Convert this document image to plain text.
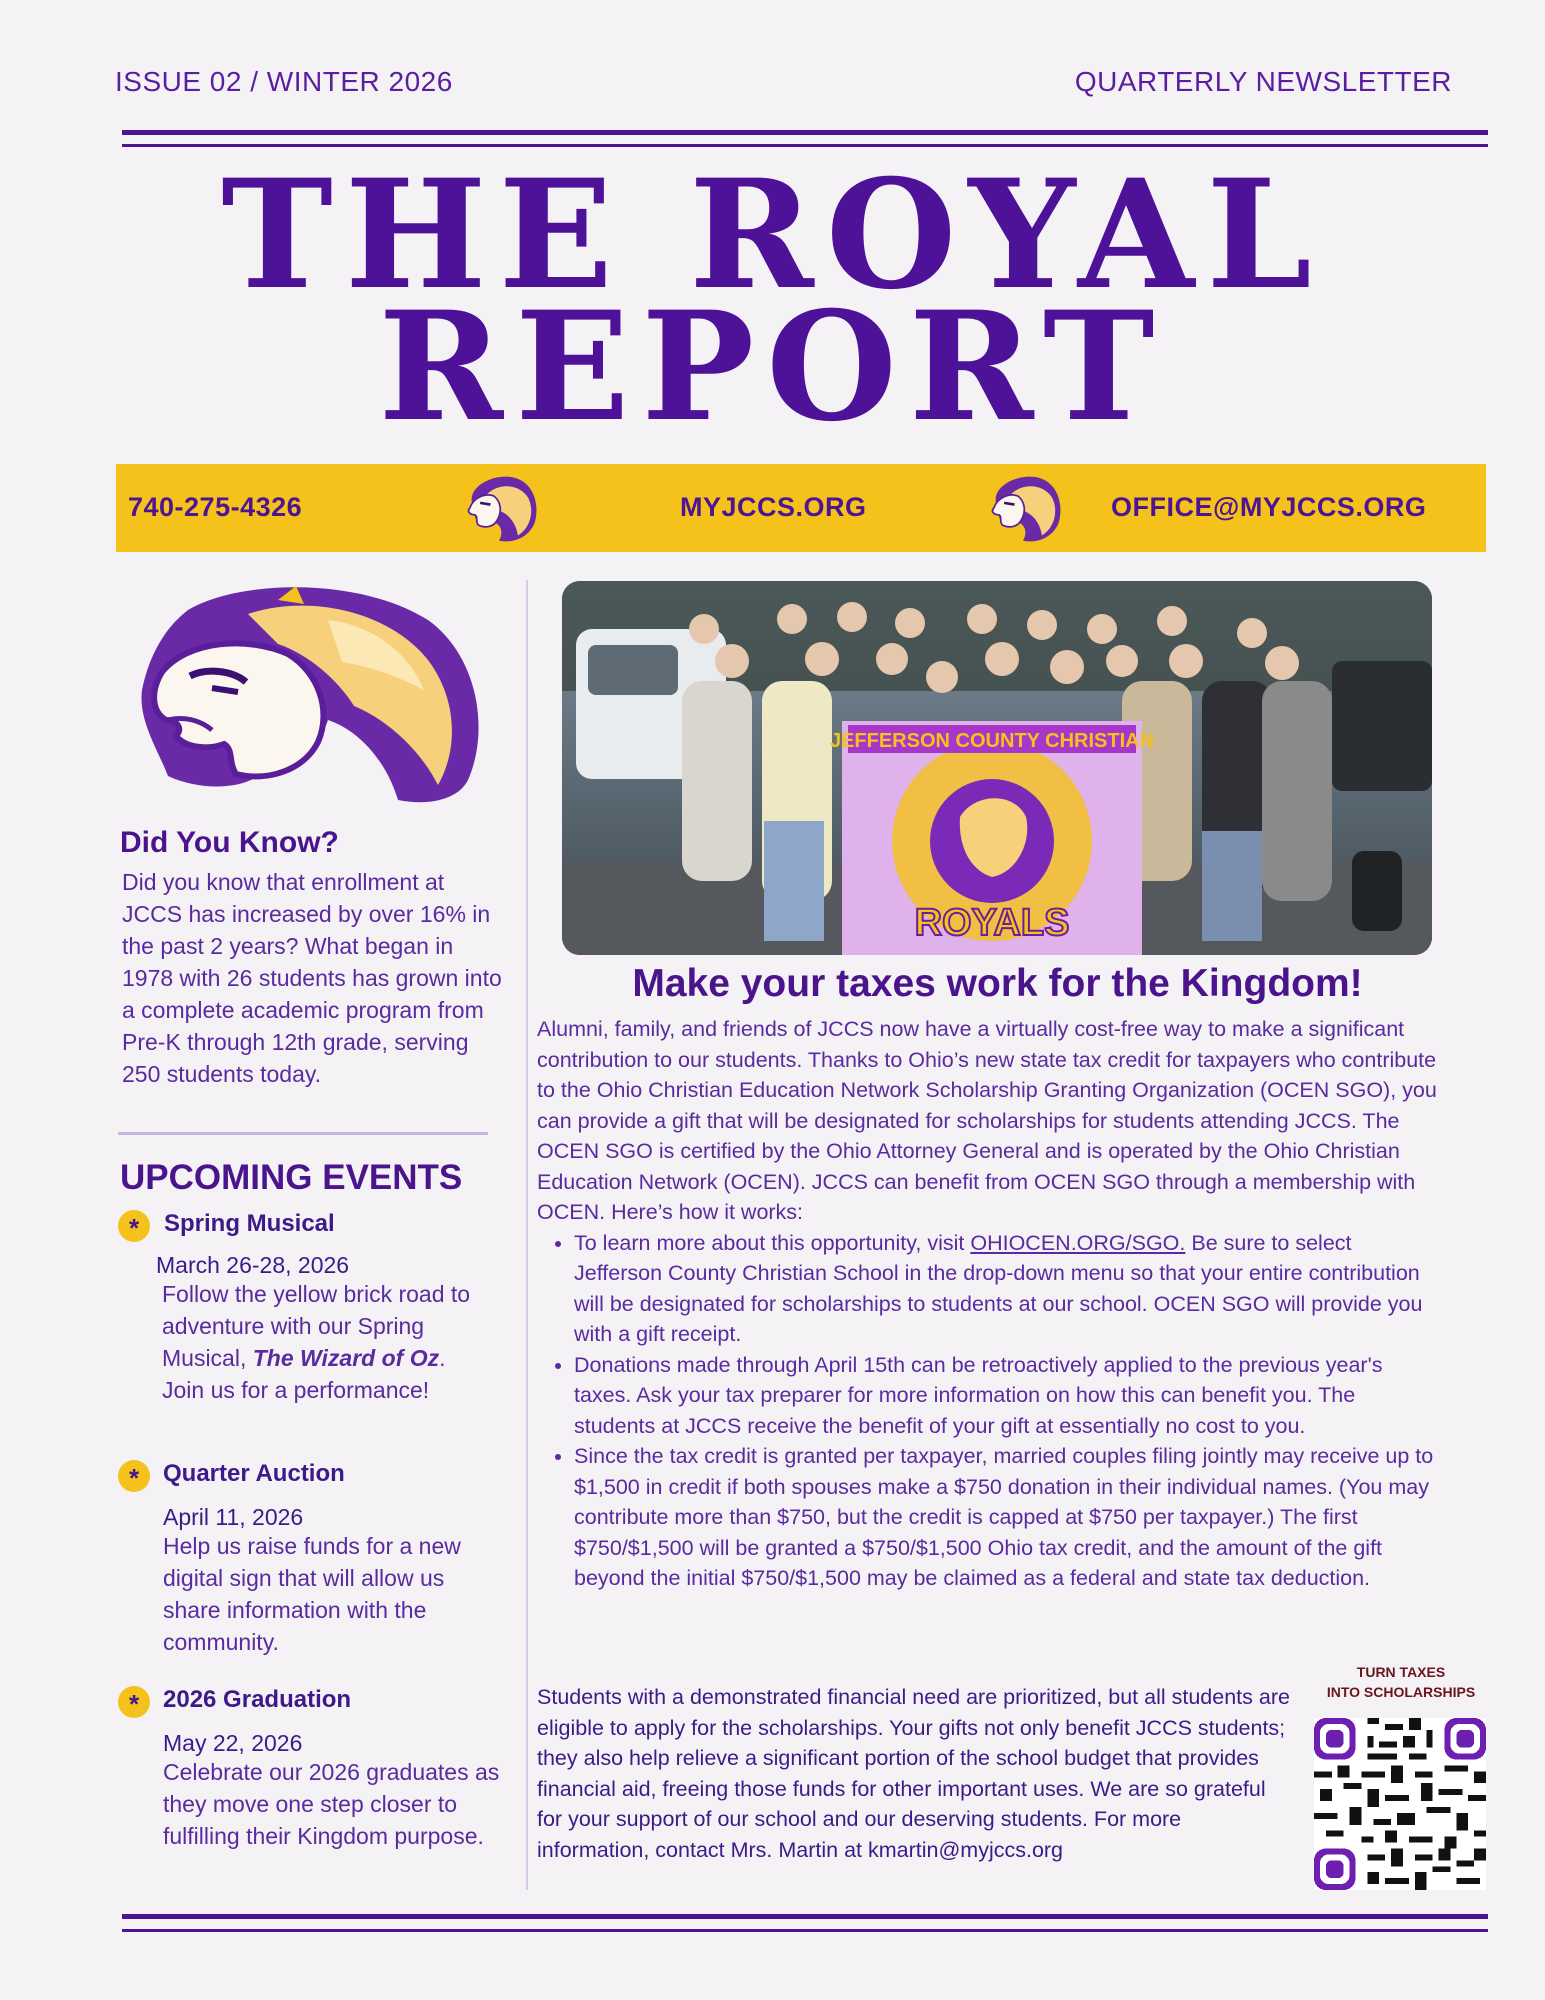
ISSUE 02 / WINTER 2026	QUARTERLY NEWSLETTER
THE ROYAL
REPORT
740-275-4326	MYJCCS.ORG	OFFICE@MYJCCS.ORG
Did You Know?
Did you know that enrollment at JCCS has increased by over 16% in the past 2 years? What began in 1978 with 26 students has grown into a complete academic program from Pre-K through 12th grade, serving 250 students today.
UPCOMING EVENTS
*	Spring Musical
March 26-28, 2026
Follow the yellow brick road to adventure with our Spring Musical, The Wizard of Oz. Join us for a performance!
* Quarter Auction
April 11, 2026
Help us raise funds for a new digital sign that will allow us share information with the community.
* 2026 Graduation
May 22, 2026
Celebrate our 2026 graduates as they move one step closer to fulfilling their Kingdom purpose.
JEFFERSON COUNTY CHRISTIAN
ROYALS
Make your taxes work for the Kingdom!
Alumni, family, and friends of JCCS now have a virtually cost-free way to make a significant contribution to our students. Thanks to Ohio’s new state tax credit for taxpayers who contribute to the Ohio Christian Education Network Scholarship Granting Organization (OCEN SGO), you can provide a gift that will be designated for scholarships for students attending JCCS. The OCEN SGO is certified by the Ohio Attorney General and is operated by the Ohio Christian Education Network (OCEN). JCCS can benefit from OCEN SGO through a membership with OCEN. Here’s how it works:
• To learn more about this opportunity, visit OHIOCEN.ORG/SGO. Be sure to select Jefferson County Christian School in the drop-down menu so that your entire contribution will be designated for scholarships to students at our school. OCEN SGO will provide you with a gift receipt.
• Donations made through April 15th can be retroactively applied to the previous year's taxes. Ask your tax preparer for more information on how this can benefit you. The students at JCCS receive the benefit of your gift at essentially no cost to you.
• Since the tax credit is granted per taxpayer, married couples filing jointly may receive up to $1,500 in credit if both spouses make a $750 donation in their individual names. (You may contribute more than $750, but the credit is capped at $750 per taxpayer.) The first $750/$1,500 will be granted a $750/$1,500 Ohio tax credit, and the amount of the gift beyond the initial $750/$1,500 may be claimed as a federal and state tax deduction.
Students with a demonstrated financial need are prioritized, but all students are eligible to apply for the scholarships. Your gifts not only benefit JCCS students; they also help relieve a significant portion of the school budget that provides financial aid, freeing those funds for other important uses. We are so grateful for your support of our school and our deserving students. For more information, contact Mrs. Martin at kmartin@myjccs.org
TURN TAXES
INTO SCHOLARSHIPS
